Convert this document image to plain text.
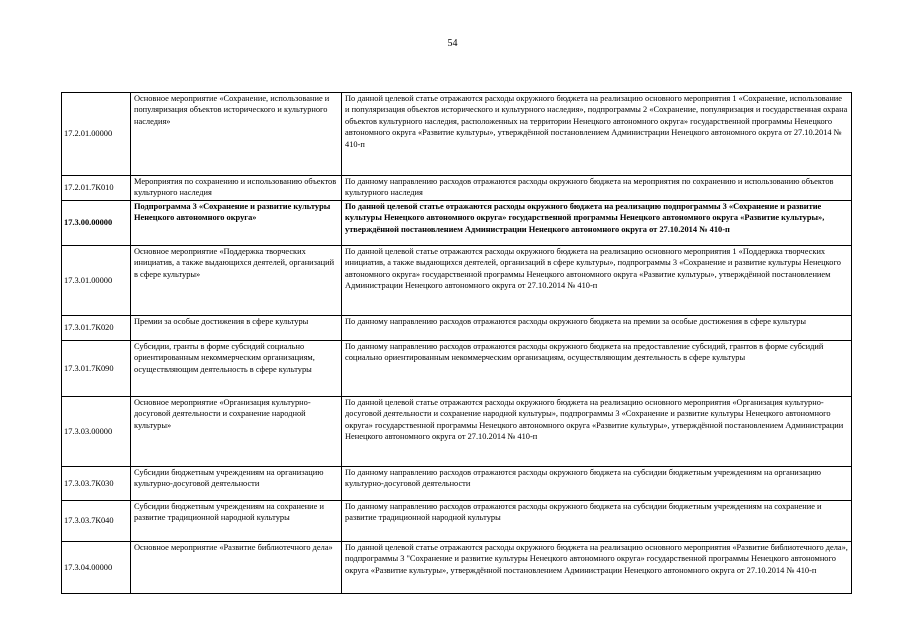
54
17.2.01.00000	Основное мероприятие «Сохранение, использование и популяризация объектов исторического и культурного наследия»	По данной целевой статье отражаются расходы окружного бюджета на реализацию основного мероприятия 1 «Сохранение, использование и популяризация объектов исторического и культурного наследия», подпрограммы 2 «Сохранение, популяризация и государственная охрана объектов культурного наследия, расположенных на территории Ненецкого автономного округа» государственной программы Ненецкого автономного округа «Развитие культуры», утверждённой постановлением Администрации Ненецкого автономного округа от 27.10.2014 № 410-п
17.2.01.7К010	Мероприятия по сохранению и использованию объектов культурного наследия	По данному направлению расходов отражаются расходы окружного бюджета на мероприятия по сохранению и использованию объектов культурного наследия
17.3.00.00000	Подпрограмма 3 «Сохранение и развитие культуры Ненецкого автономного округа»	По данной целевой статье отражаются расходы окружного бюджета на реализацию подпрограммы 3 «Сохранение и развитие культуры Ненецкого автономного округа» государственной программы Ненецкого автономного округа «Развитие культуры», утверждённой постановлением Администрации Ненецкого автономного округа от 27.10.2014 № 410-п
17.3.01.00000	Основное мероприятие «Поддержка творческих инициатив, а также выдающихся деятелей, организаций в сфере культуры»	По данной целевой статье отражаются расходы окружного бюджета на реализацию основного мероприятия 1 «Поддержка творческих инициатив, а также выдающихся деятелей, организаций в сфере культуры», подпрограммы 3 «Сохранение и развитие культуры Ненецкого автономного округа» государственной программы Ненецкого автономного округа «Развитие культуры», утверждённой постановлением Администрации Ненецкого автономного округа от 27.10.2014 № 410-п
17.3.01.7К020	Премии за особые достижения в сфере культуры	По данному направлению расходов отражаются расходы окружного бюджета на премии за особые достижения в сфере культуры
17.3.01.7К090	Субсидии, гранты в форме субсидий социально ориентированным некоммерческим организациям, осуществляющим деятельность в сфере культуры	По данному направлению расходов отражаются расходы окружного бюджета на предоставление субсидий, грантов в форме субсидий социально ориентированным некоммерческим организациям, осуществляющим деятельность в сфере культуры
17.3.03.00000	Основное мероприятие «Организация культурно-досуговой деятельности и сохранение народной культуры»	По данной целевой статье отражаются расходы окружного бюджета на реализацию основного мероприятия «Организация культурно-досуговой деятельности и сохранение народной культуры», подпрограммы 3 «Сохранение и развитие культуры Ненецкого автономного округа» государственной программы Ненецкого автономного округа «Развитие культуры», утверждённой постановлением Администрации Ненецкого автономного округа от 27.10.2014 № 410-п
17.3.03.7К030	Субсидии бюджетным учреждениям на организацию культурно-досуговой деятельности	По данному направлению расходов отражаются расходы окружного бюджета на субсидии бюджетным учреждениям на организацию культурно-досуговой деятельности
17.3.03.7К040	Субсидии бюджетным учреждениям на сохранение и развитие традиционной народной культуры	По данному направлению расходов отражаются расходы окружного бюджета на субсидии бюджетным учреждениям на сохранение и развитие традиционной народной культуры
17.3.04.00000	Основное мероприятие «Развитие библиотечного дела»	По данной целевой статье отражаются расходы окружного бюджета на реализацию основного мероприятия «Развитие библиотечного дела», подпрограммы 3 "Сохранение и развитие культуры Ненецкого автономного округа» государственной программы Ненецкого автономного округа «Развитие культуры», утверждённой постановлением Администрации Ненецкого автономного округа от 27.10.2014 № 410-п
